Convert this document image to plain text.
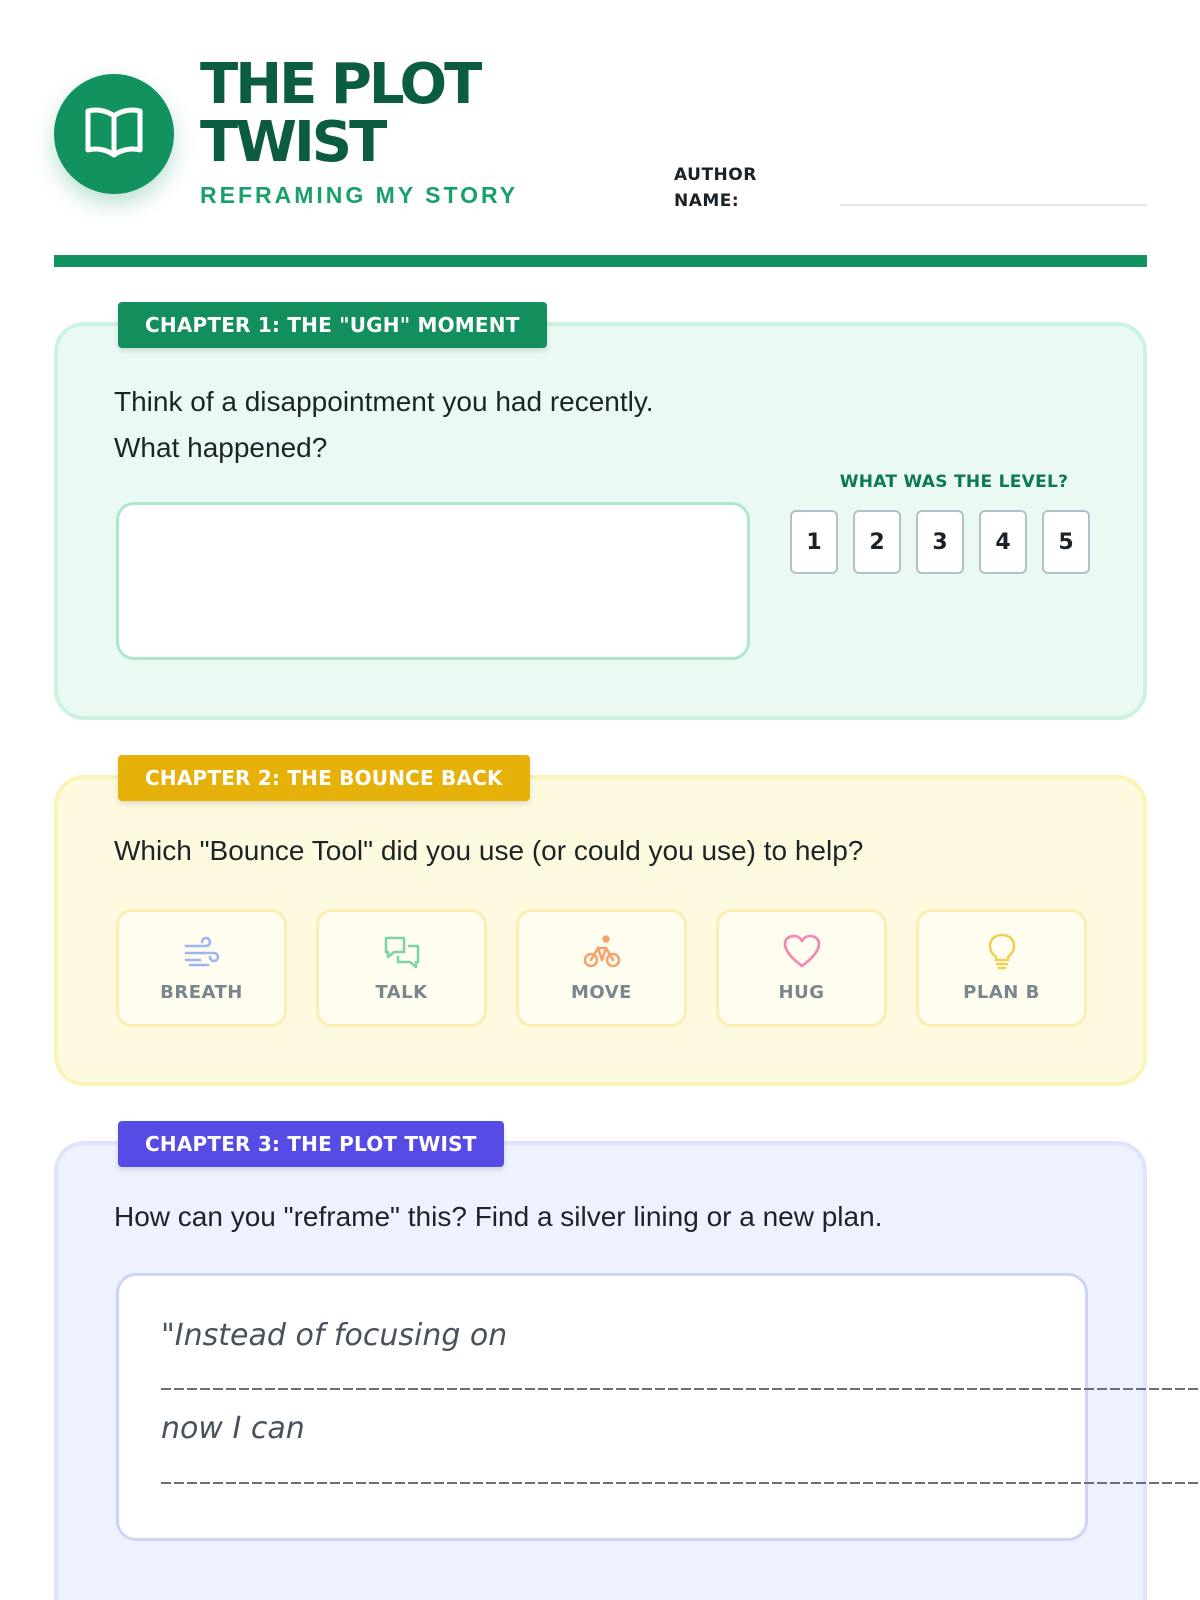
THE PLOT
TWIST
REFRAMING MY STORY
AUTHOR NAME:
CHAPTER 1: THE "UGH" MOMENT
Think of a disappointment you had recently.
What happened?
WHAT WAS THE LEVEL?
1	2	3	4	5
CHAPTER 2: THE BOUNCE BACK
Which "Bounce Tool" did you use (or could you use) to help?
BREATH	TALK	MOVE	HUG	PLAN B
CHAPTER 3: THE PLOT TWIST
How can you "reframe" this? Find a silver lining or a new plan.
"Instead of focusing on
now I can
